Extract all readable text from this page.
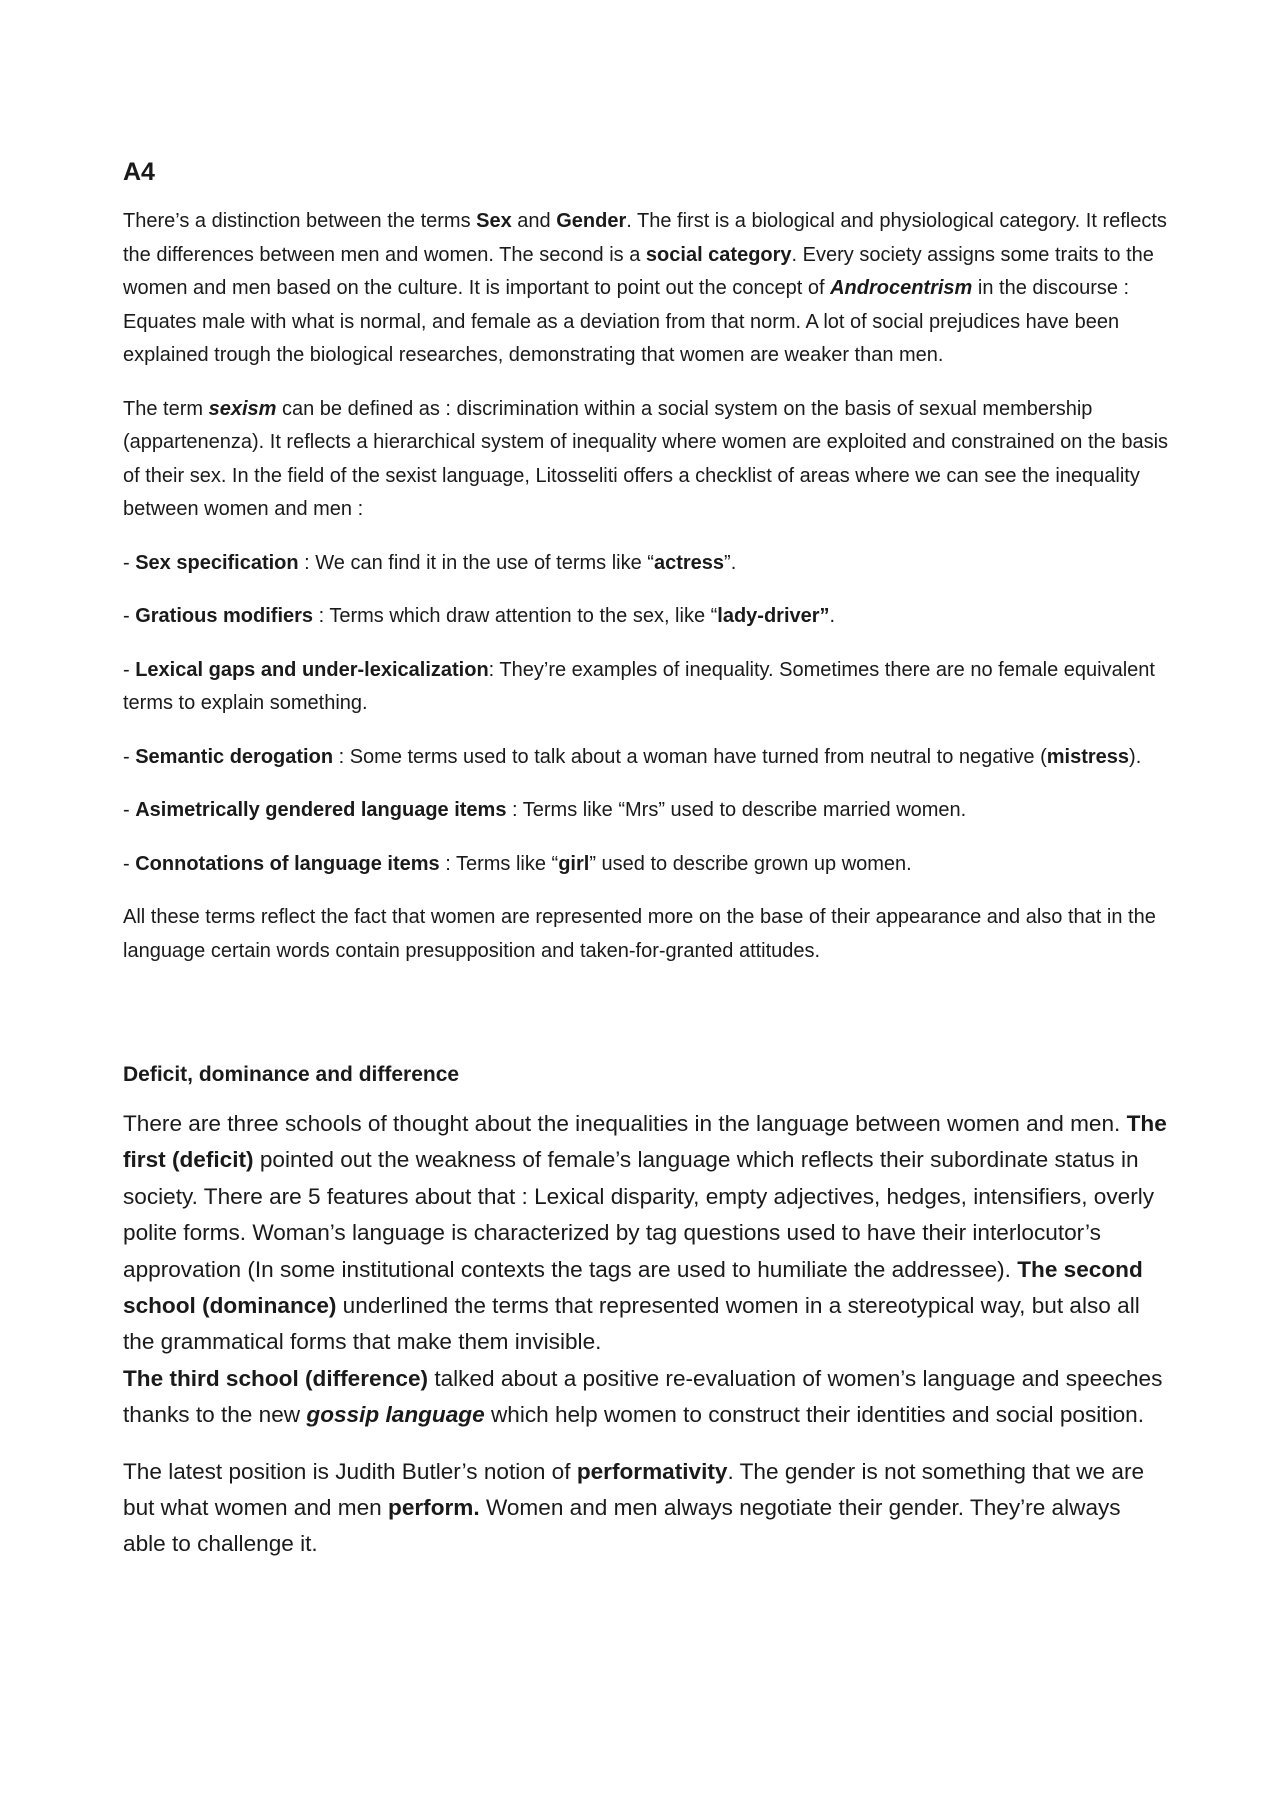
A4

There’s a distinction between the terms Sex and Gender. The first is a biological and physiological category. It reflects the differences between men and women. The second is a social category. Every society assigns some traits to the women and men based on the culture. It is important to point out the concept of Androcentrism in the discourse : Equates male with what is normal, and female as a deviation from that norm. A lot of social prejudices have been explained trough the biological researches, demonstrating that women are weaker than men.

The term sexism can be defined as : discrimination within a social system on the basis of sexual membership (appartenenza). It reflects a hierarchical system of inequality where women are exploited and constrained on the basis of their sex. In the field of the sexist language, Litosseliti offers a checklist of areas where we can see the inequality between women and men :

- Sex specification : We can find it in the use of terms like “actress”.

- Gratious modifiers : Terms which draw attention to the sex, like “lady-driver”.

- Lexical gaps and under-lexicalization: They’re examples of inequality. Sometimes there are no female equivalent terms to explain something.

- Semantic derogation : Some terms used to talk about a woman have turned from neutral to negative (mistress).

- Asimetrically gendered language items : Terms like “Mrs” used to describe married women.

- Connotations of language items : Terms like “girl” used to describe grown up women.

All these terms reflect the fact that women are represented more on the base of their appearance and also that in the language certain words contain presupposition and taken-for-granted attitudes.

Deficit, dominance and difference

There are three schools of thought about the inequalities in the language between women and men. The first (deficit) pointed out the weakness of female’s language which reflects their subordinate status in society. There are 5 features about that : Lexical disparity, empty adjectives, hedges, intensifiers, overly polite forms. Woman’s language is characterized by tag questions used to have their interlocutor’s approvation (In some institutional contexts the tags are used to humiliate the addressee). The second school (dominance) underlined the terms that represented women in a stereotypical way, but also all the grammatical forms that make them invisible.
The third school (difference) talked about a positive re-evaluation of women’s language and speeches thanks to the new gossip language which help women to construct their identities and social position.

The latest position is Judith Butler’s notion of performativity. The gender is not something that we are but what women and men perform. Women and men always negotiate their gender. They’re always able to challenge it.
